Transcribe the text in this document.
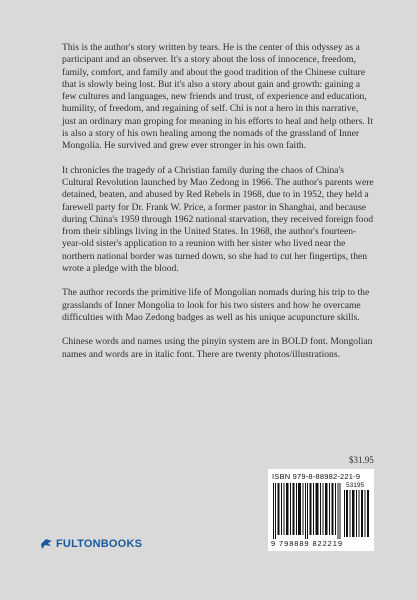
This is the author's story written by tears. He is the center of this odyssey as a participant and an observer. It's a story about the loss of innocence, freedom, family, comfort, and family and about the good tradition of the Chinese culture that is slowly being lost. But it's also a story about gain and growth: gaining a few cultures and languages, new friends and trust, of experience and education, humility, of freedom, and regaining of self. Chi is not a hero in this narrative, just an ordinary man groping for meaning in his efforts to heal and help others. It is also a story of his own healing among the nomads of the grassland of Inner Mongolia. He survived and grew ever stronger in his own faith.

It chronicles the tragedy of a Christian family during the chaos of China's Cultural Revolution launched by Mao Zedong in 1966. The author's parents were detained, beaten, and abused by Red Rebels in 1968, due to in 1952, they held a farewell party for Dr. Frank W. Price, a former pastor in Shanghai, and because during China's 1959 through 1962 national starvation, they received foreign food from their siblings living in the United States. In 1968, the author's fourteen-year-old sister's application to a reunion with her sister who lived near the northern national border was turned down, so she had to cut her fingertips, then wrote a pledge with the blood.

The author records the primitive life of Mongolian nomads during his trip to the grasslands of Inner Mongolia to look for his two sisters and how he overcame difficulties with Mao Zedong badges as well as his unique acupuncture skills.

Chinese words and names using the pinyin system are in BOLD font. Mongolian names and words are in italic font. There are twenty photos/illustrations.

$31.95
ISBN 979-8-88982-221-9
53195
9 798889 822219
FULTONBOOKS
